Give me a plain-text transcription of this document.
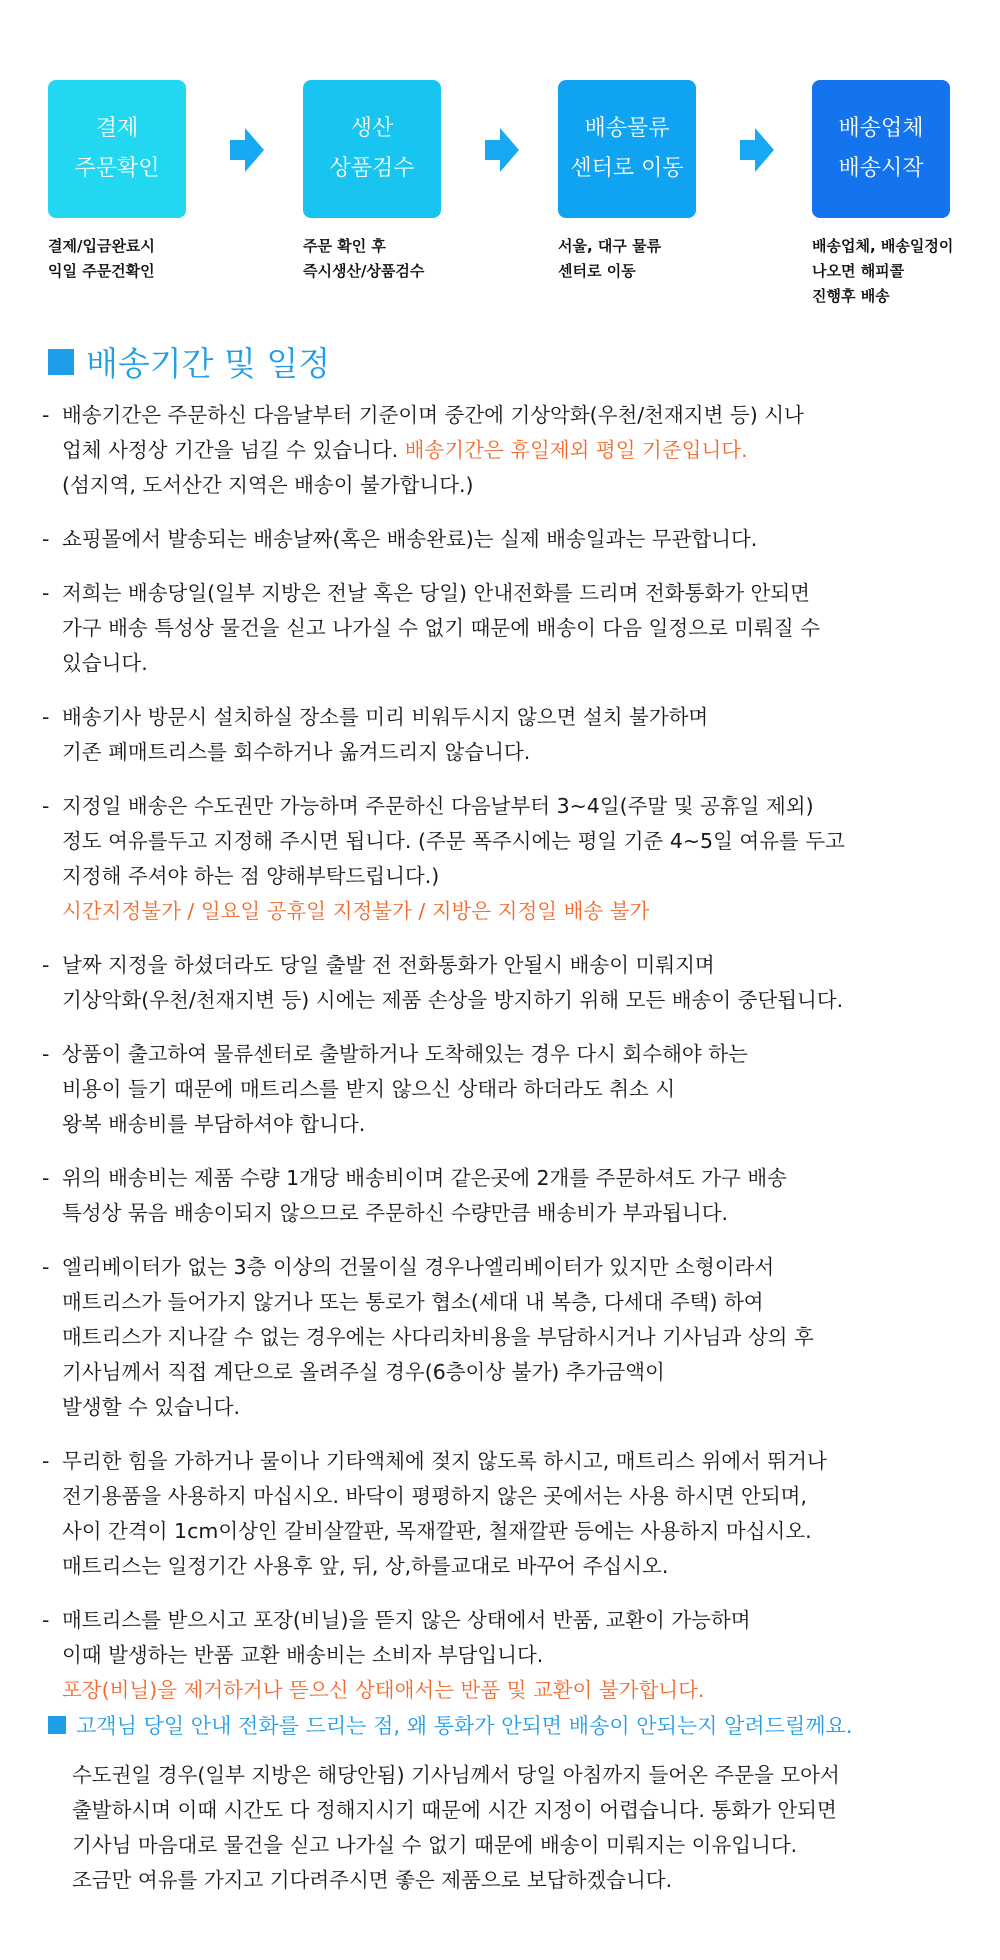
결제
주문확인
결제/입금완료시
익일 주문건확인
생산
상품검수
주문 확인 후
즉시생산/상품검수
배송물류
센터로 이동
서울, 대구 물류
센터로 이동
배송업체
배송시작
배송업체, 배송일정이
나오면 해피콜
진행후 배송
배송기간 및 일정
- 배송기간은 주문하신 다음날부터 기준이며 중간에 기상악화(우천/천재지변 등) 시나
업체 사정상 기간을 넘길 수 있습니다. 배송기간은 휴일제외 평일 기준입니다.
(섬지역, 도서산간 지역은 배송이 불가합니다.)
- 쇼핑몰에서 발송되는 배송날짜(혹은 배송완료)는 실제 배송일과는 무관합니다.
- 저희는 배송당일(일부 지방은 전날 혹은 당일) 안내전화를 드리며 전화통화가 안되면
가구 배송 특성상 물건을 싣고 나가실 수 없기 때문에 배송이 다음 일정으로 미뤄질 수
있습니다.
- 배송기사 방문시 설치하실 장소를 미리 비워두시지 않으면 설치 불가하며
기존 폐매트리스를 회수하거나 옮겨드리지 않습니다.
- 지정일 배송은 수도권만 가능하며 주문하신 다음날부터 3~4일(주말 및 공휴일 제외)
정도 여유를두고 지정해 주시면 됩니다. (주문 폭주시에는 평일 기준 4~5일 여유를 두고
지정해 주셔야 하는 점 양해부탁드립니다.)
시간지정불가 / 일요일 공휴일 지정불가 / 지방은 지정일 배송 불가
- 날짜 지정을 하셨더라도 당일 출발 전 전화통화가 안될시 배송이 미뤄지며
기상악화(우천/천재지변 등) 시에는 제품 손상을 방지하기 위해 모든 배송이 중단됩니다.
- 상품이 출고하여 물류센터로 출발하거나 도착해있는 경우 다시 회수해야 하는
비용이 들기 때문에 매트리스를 받지 않으신 상태라 하더라도 취소 시
왕복 배송비를 부담하셔야 합니다.
- 위의 배송비는 제품 수량 1개당 배송비이며 같은곳에 2개를 주문하셔도 가구 배송
특성상 묶음 배송이되지 않으므로 주문하신 수량만큼 배송비가 부과됩니다.
- 엘리베이터가 없는 3층 이상의 건물이실 경우나엘리베이터가 있지만 소형이라서
매트리스가 들어가지 않거나 또는 통로가 협소(세대 내 복층, 다세대 주택) 하여
매트리스가 지나갈 수 없는 경우에는 사다리차비용을 부담하시거나 기사님과 상의 후
기사님께서 직접 계단으로 올려주실 경우(6층이상 불가) 추가금액이
발생할 수 있습니다.
- 무리한 힘을 가하거나 물이나 기타액체에 젖지 않도록 하시고, 매트리스 위에서 뛰거나
전기용품을 사용하지 마십시오. 바닥이 평평하지 않은 곳에서는 사용 하시면 안되며,
사이 간격이 1cm이상인 갈비살깔판, 목재깔판, 철재깔판 등에는 사용하지 마십시오.
매트리스는 일정기간 사용후 앞, 뒤, 상,하를교대로 바꾸어 주십시오.
- 매트리스를 받으시고 포장(비닐)을 뜯지 않은 상태에서 반품, 교환이 가능하며
이때 발생하는 반품 교환 배송비는 소비자 부담입니다.
포장(비닐)을 제거하거나 뜯으신 상태애서는 반품 및 교환이 불가합니다.
고객님 당일 안내 전화를 드리는 점, 왜 통화가 안되면 배송이 안되는지 알려드릴께요.
수도권일 경우(일부 지방은 해당안됨) 기사님께서 당일 아침까지 들어온 주문을 모아서
출발하시며 이때 시간도 다 정해지시기 때문에 시간 지정이 어렵습니다. 통화가 안되면
기사님 마음대로 물건을 싣고 나가실 수 없기 때문에 배송이 미뤄지는 이유입니다.
조금만 여유를 가지고 기다려주시면 좋은 제품으로 보답하겠습니다.
